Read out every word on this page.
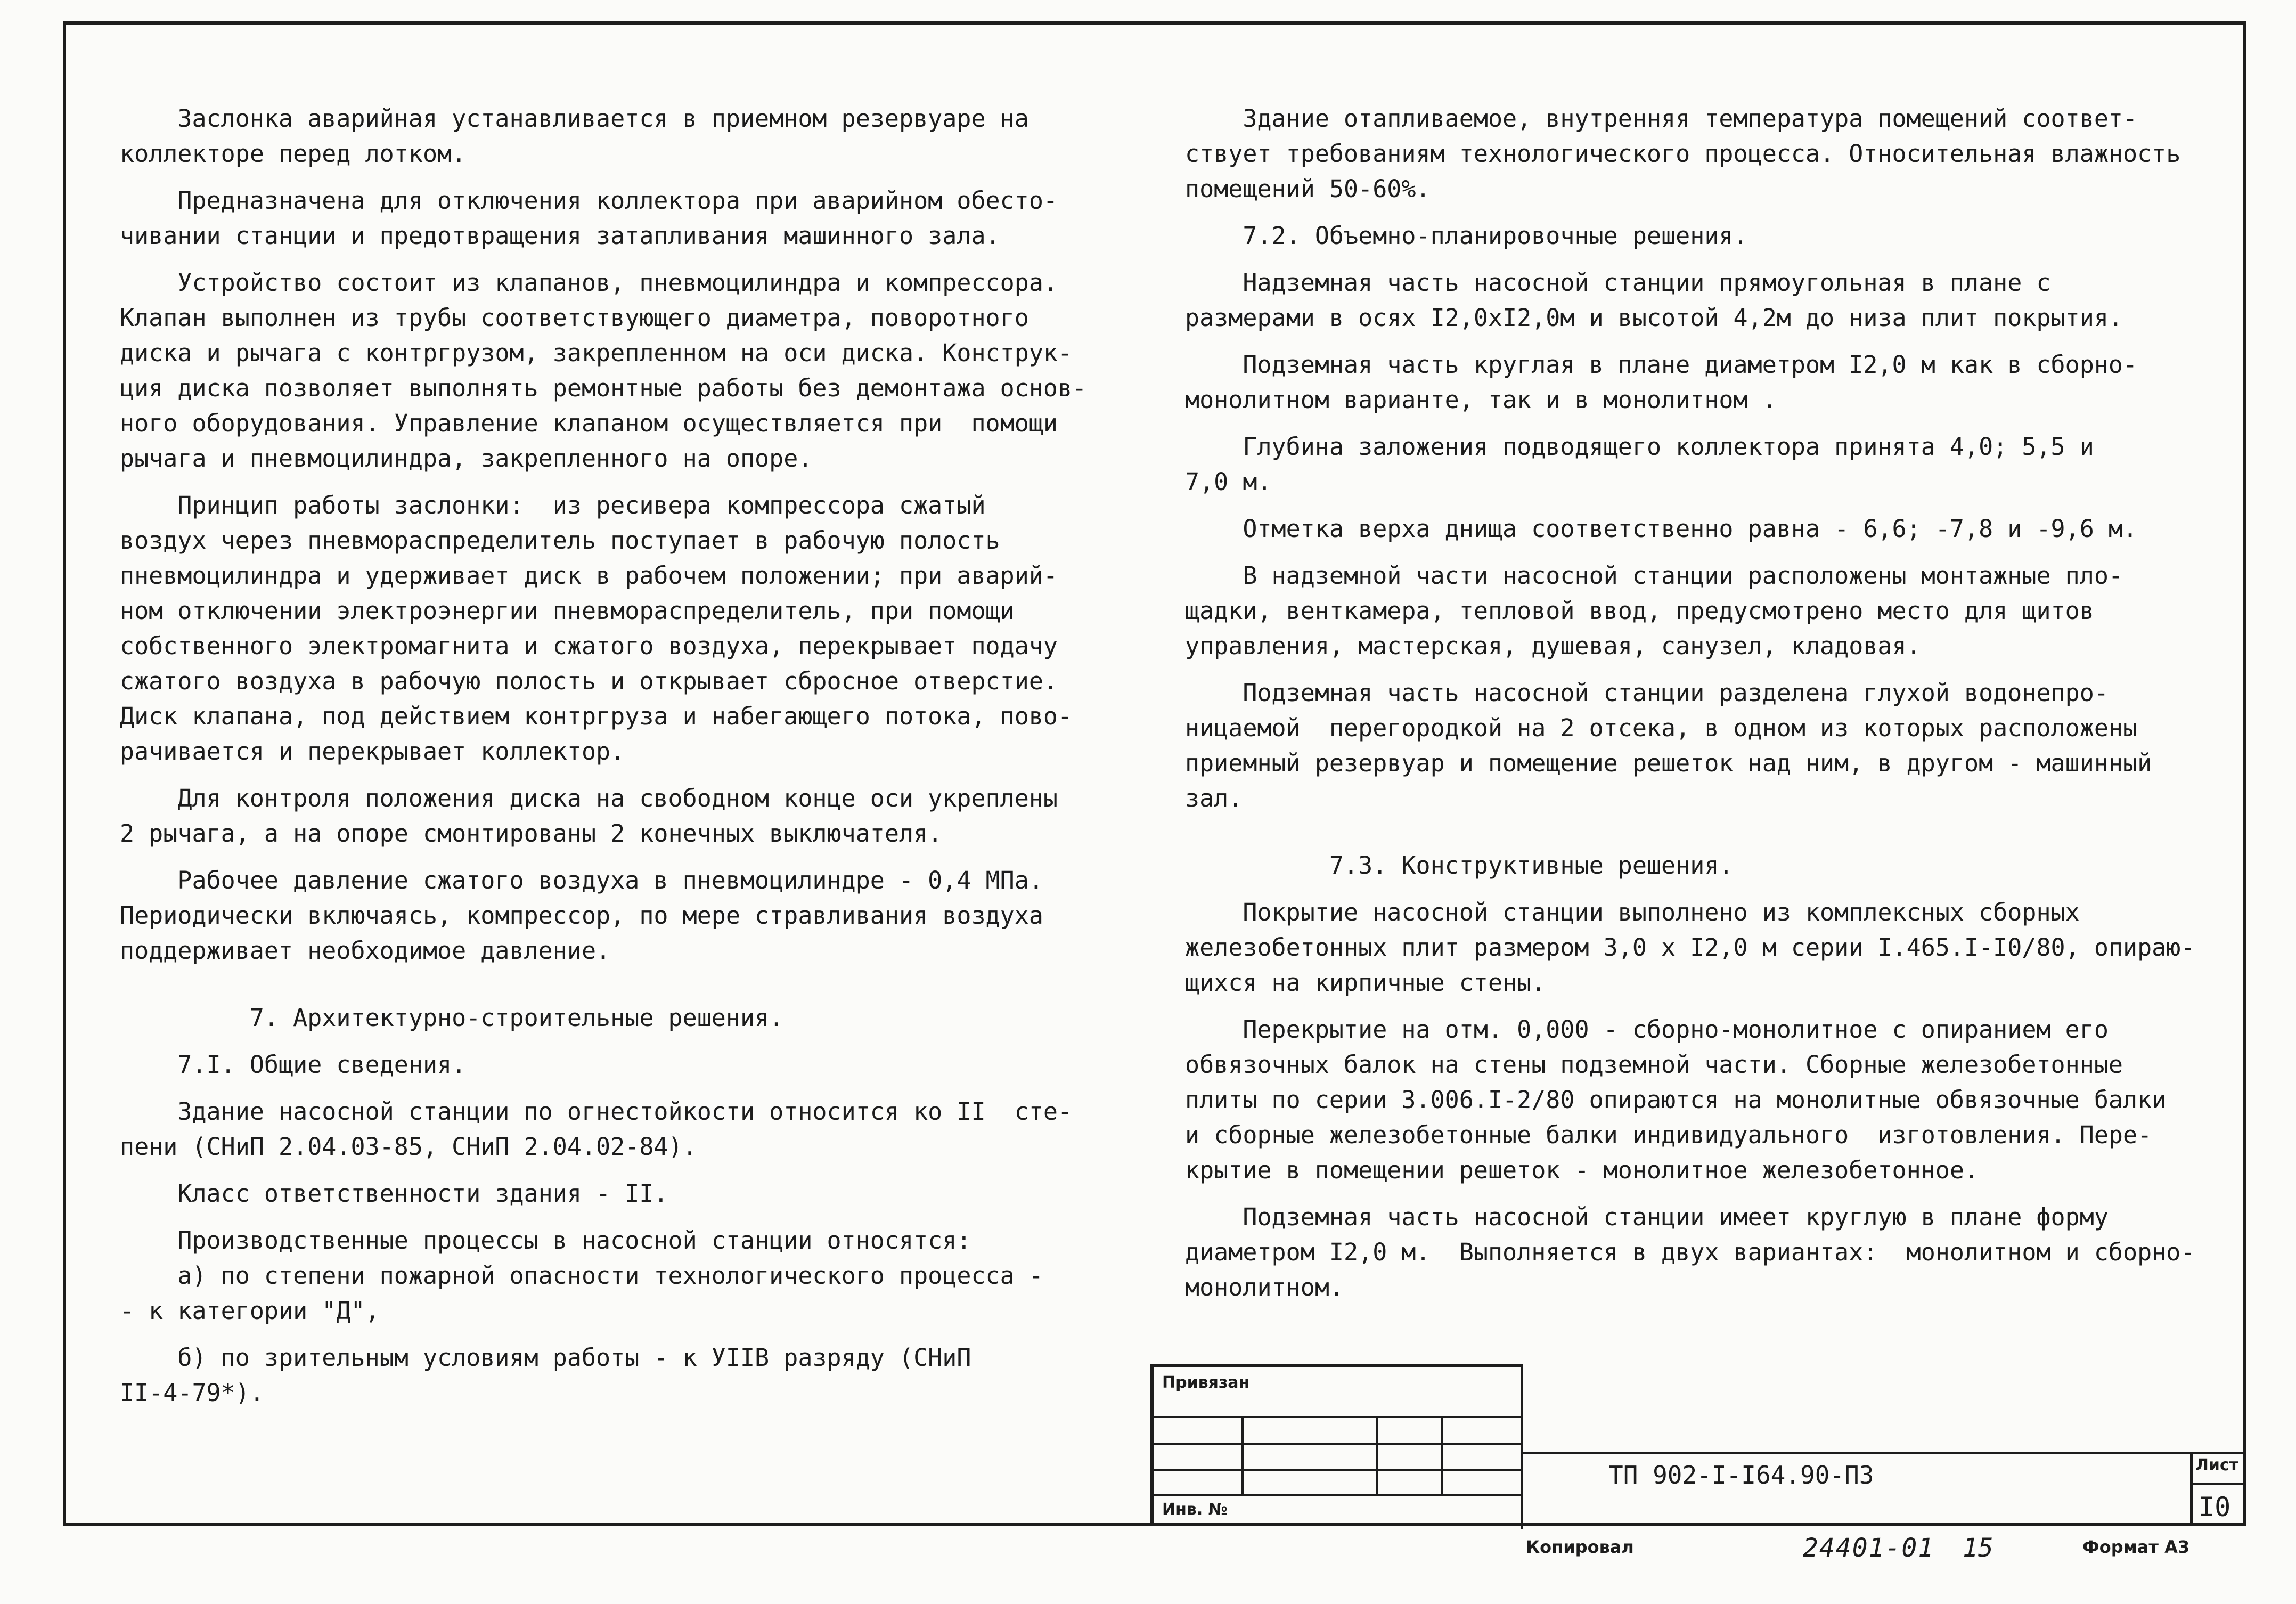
Заслонка аварийная устанавливается в приемном резервуаре на
коллекторе перед лотком.
Предназначена для отключения коллектора при аварийном обесто-
чивании станции и предотвращения затапливания машинного зала.
Устройство состоит из клапанов, пневмоцилиндра и компрессора.
Клапан выполнен из трубы соответствующего диаметра, поворотного
диска и рычага с контргрузом, закрепленном на оси диска. Конструк-
ция диска позволяет выполнять ремонтные работы без демонтажа основ-
ного оборудования. Управление клапаном осуществляется при  помощи
рычага и пневмоцилиндра, закрепленного на опоре.
Принцип работы заслонки:  из ресивера компрессора сжатый
воздух через пневмораспределитель поступает в рабочую полость
пневмоцилиндра и удерживает диск в рабочем положении; при аварий-
ном отключении электроэнергии пневмораспределитель, при помощи
собственного электромагнита и сжатого воздуха, перекрывает подачу
сжатого воздуха в рабочую полость и открывает сбросное отверстие.
Диск клапана, под действием контргруза и набегающего потока, пово-
рачивается и перекрывает коллектор.
Для контроля положения диска на свободном конце оси укреплены
2 рычага, а на опоре смонтированы 2 конечных выключателя.
Рабочее давление сжатого воздуха в пневмоцилиндре - 0,4 МПа.
Периодически включаясь, компрессор, по мере стравливания воздуха
поддерживает необходимое давление.
7. Архитектурно-строительные решения.
7.I. Общие сведения.
Здание насосной станции по огнестойкости относится ко II  сте-
пени (СНиП 2.04.03-85, СНиП 2.04.02-84).
Класс ответственности здания - II.
Производственные процессы в насосной станции относятся:
а) по степени пожарной опасности технологического процесса -
- к категории "Д",
б) по зрительным условиям работы - к УIIВ разряду (СНиП
II-4-79*).
Здание отапливаемое, внутренняя температура помещений соответ-
ствует требованиям технологического процесса. Относительная влажность
помещений 50-60%.
7.2. Объемно-планировочные решения.
Надземная часть насосной станции прямоугольная в плане с
размерами в осях I2,0xI2,0м и высотой 4,2м до низа плит покрытия.
Подземная часть круглая в плане диаметром I2,0 м как в сборно-
монолитном варианте, так и в монолитном .
Глубина заложения подводящего коллектора принята 4,0; 5,5 и
7,0 м.
Отметка верха днища соответственно равна - 6,6; -7,8 и -9,6 м.
В надземной части насосной станции расположены монтажные пло-
щадки, венткамера, тепловой ввод, предусмотрено место для щитов
управления, мастерская, душевая, санузел, кладовая.
Подземная часть насосной станции разделена глухой водонепро-
ницаемой  перегородкой на 2 отсека, в одном из которых расположены
приемный резервуар и помещение решеток над ним, в другом - машинный
зал.
7.3. Конструктивные решения.
Покрытие насосной станции выполнено из комплексных сборных
железобетонных плит размером 3,0 x I2,0 м серии I.465.I-I0/80, опираю-
щихся на кирпичные стены.
Перекрытие на отм. 0,000 - сборно-монолитное с опиранием его
обвязочных балок на стены подземной части. Сборные железобетонные
плиты по серии 3.006.I-2/80 опираются на монолитные обвязочные балки
и сборные железобетонные балки индивидуального  изготовления. Пере-
крытие в помещении решеток - монолитное железобетонное.
Подземная часть насосной станции имеет круглую в плане форму
диаметром I2,0 м.  Выполняется в двух вариантах:  монолитном и сборно-
монолитном.
Привязан
Инв. №
ТП 902-I-I64.90-ПЗ	Лист
I0
Копировал	24401-01 15	Формат А3
